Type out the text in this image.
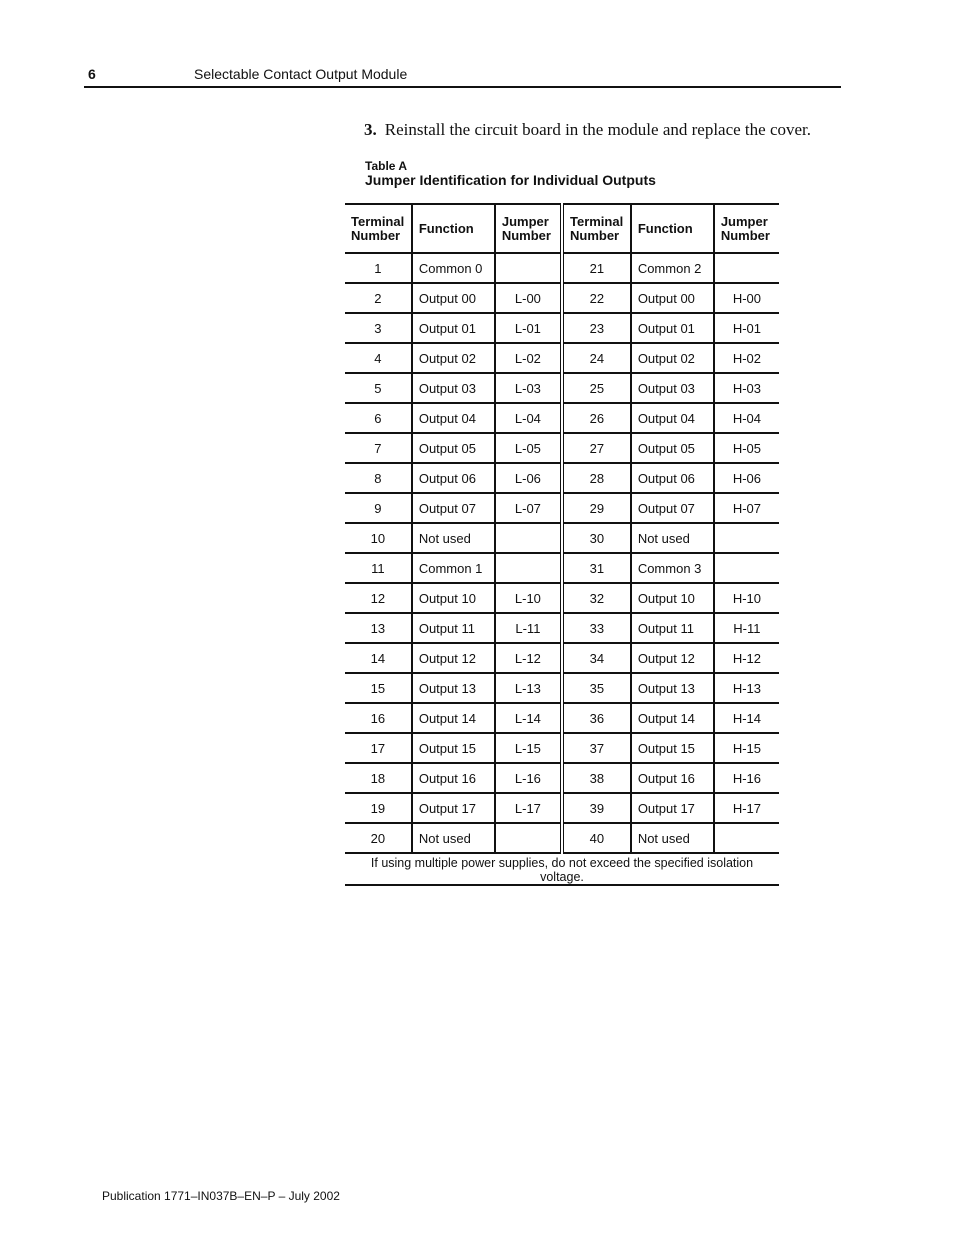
6	Selectable Contact Output Module
3. Reinstall the circuit board in the module and replace the cover.
Table A
Jumper Identification for Individual Outputs
Terminal Number	Function	Jumper Number	Terminal Number	Function	Jumper Number
1	Common 0		21	Common 2	
2	Output 00	L-00	22	Output 00	H-00
3	Output 01	L-01	23	Output 01	H-01
4	Output 02	L-02	24	Output 02	H-02
5	Output 03	L-03	25	Output 03	H-03
6	Output 04	L-04	26	Output 04	H-04
7	Output 05	L-05	27	Output 05	H-05
8	Output 06	L-06	28	Output 06	H-06
9	Output 07	L-07	29	Output 07	H-07
10	Not used		30	Not used	
11	Common 1		31	Common 3	
12	Output 10	L-10	32	Output 10	H-10
13	Output 11	L-11	33	Output 11	H-11
14	Output 12	L-12	34	Output 12	H-12
15	Output 13	L-13	35	Output 13	H-13
16	Output 14	L-14	36	Output 14	H-14
17	Output 15	L-15	37	Output 15	H-15
18	Output 16	L-16	38	Output 16	H-16
19	Output 17	L-17	39	Output 17	H-17
20	Not used		40	Not used	
If using multiple power supplies, do not exceed the specified isolation voltage.					
Publication 1771–IN037B–EN–P – July 2002
